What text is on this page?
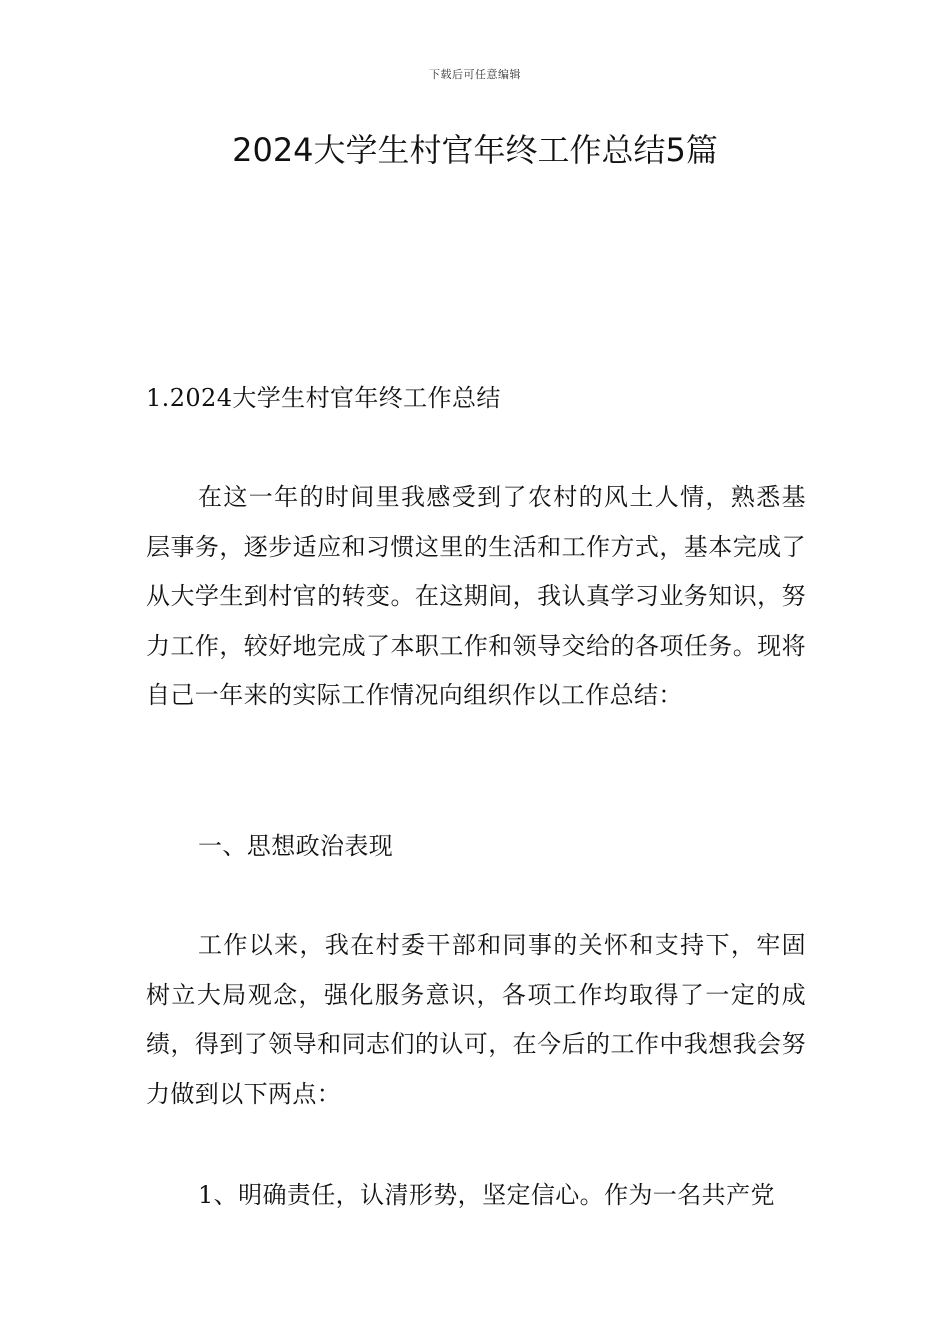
下载后可任意编辑
2024大学生村官年终工作总结5篇

1.2024大学生村官年终工作总结

在这一年的时间里我感受到了农村的风土人情，熟悉基层事务，逐步适应和习惯这里的生活和工作方式，基本完成了从大学生到村官的转变。在这期间，我认真学习业务知识，努力工作，较好地完成了本职工作和领导交给的各项任务。现将自己一年来的实际工作情况向组织作以工作总结：

一、思想政治表现

工作以来，我在村委干部和同事的关怀和支持下，牢固树立大局观念，强化服务意识，各项工作均取得了一定的成绩，得到了领导和同志们的认可，在今后的工作中我想我会努力做到以下两点：

1、明确责任，认清形势，坚定信心。作为一名共产党
